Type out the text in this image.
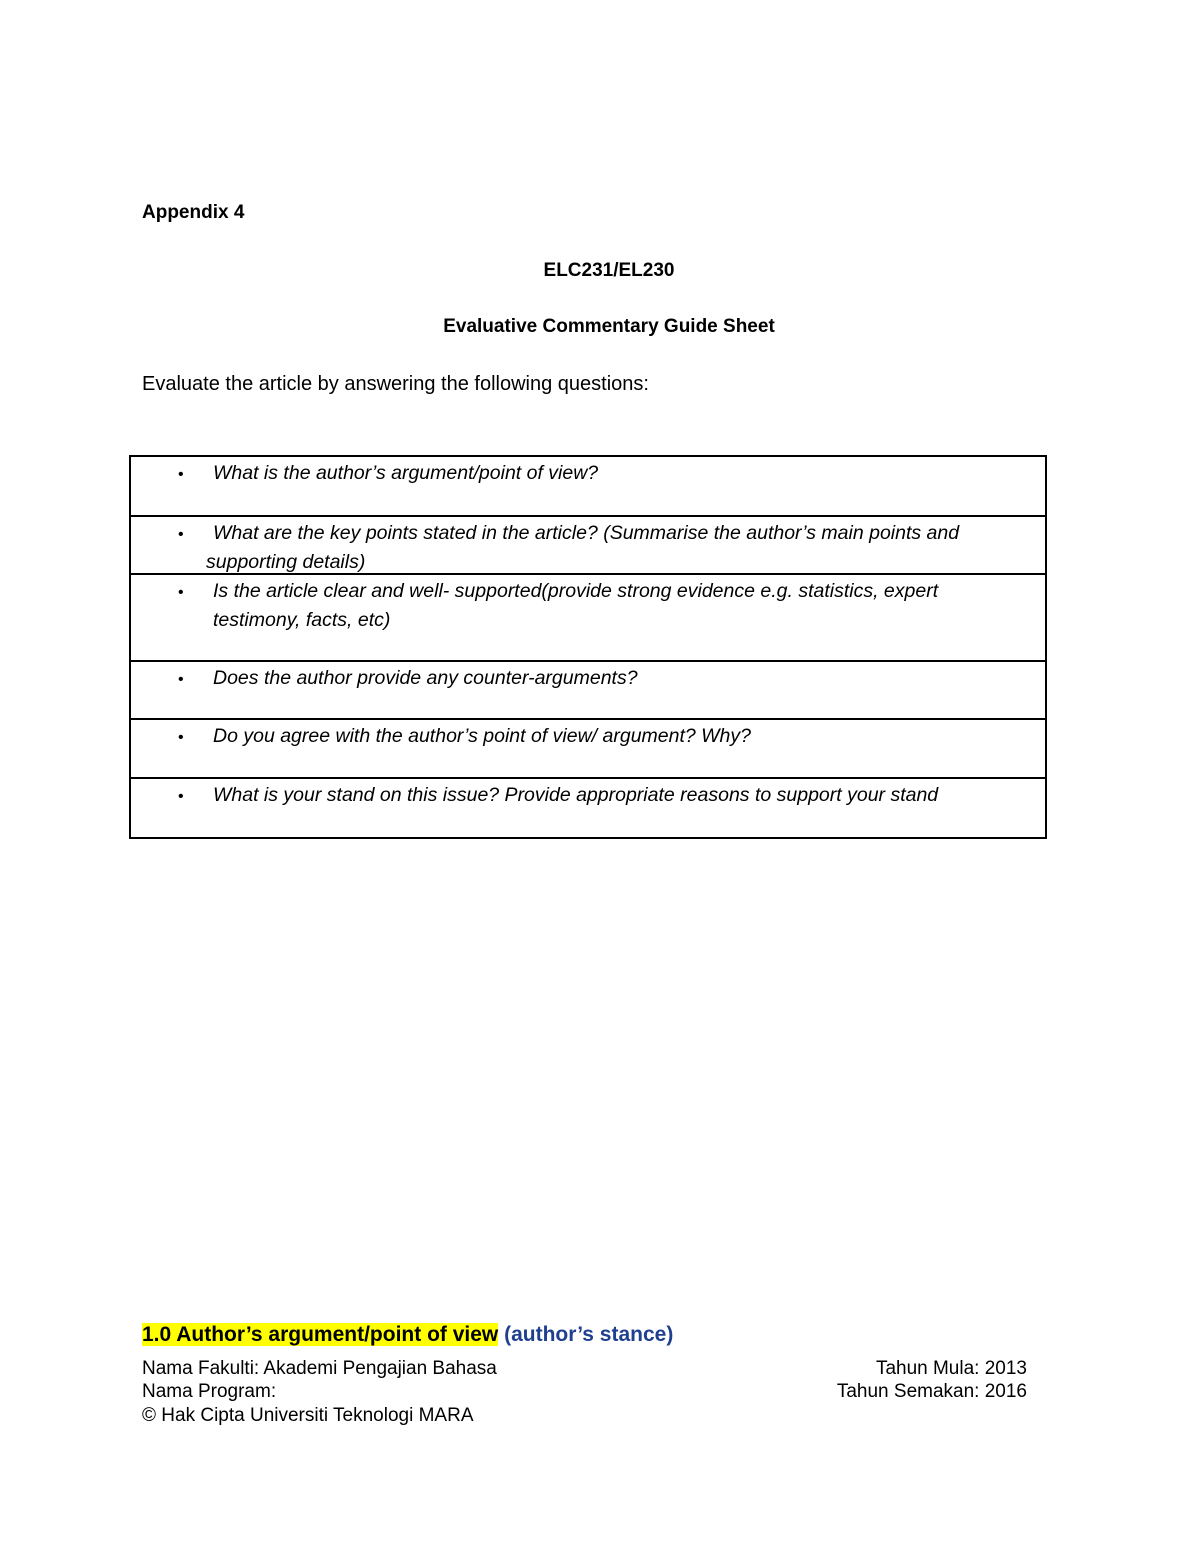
Appendix 4
ELC231/EL230
Evaluative Commentary Guide Sheet
Evaluate the article by answering the following questions:
• What is the author’s argument/point of view?
•	What are the key points stated in the article? (Summarise the author’s main points and supporting details)
• Is the article clear and well- supported(provide strong evidence e.g. statistics, expert testimony, facts, etc)
• Does the author provide any counter-arguments?
• Do you agree with the author’s point of view/ argument? Why?
• What is your stand on this issue? Provide appropriate reasons to support your stand
1.0 Author’s argument/point of view (author’s stance)
Nama Fakulti: Akademi Pengajian Bahasa	Tahun Mula: 2013
Nama Program:	Tahun Semakan: 2016
© Hak Cipta Universiti Teknologi MARA
